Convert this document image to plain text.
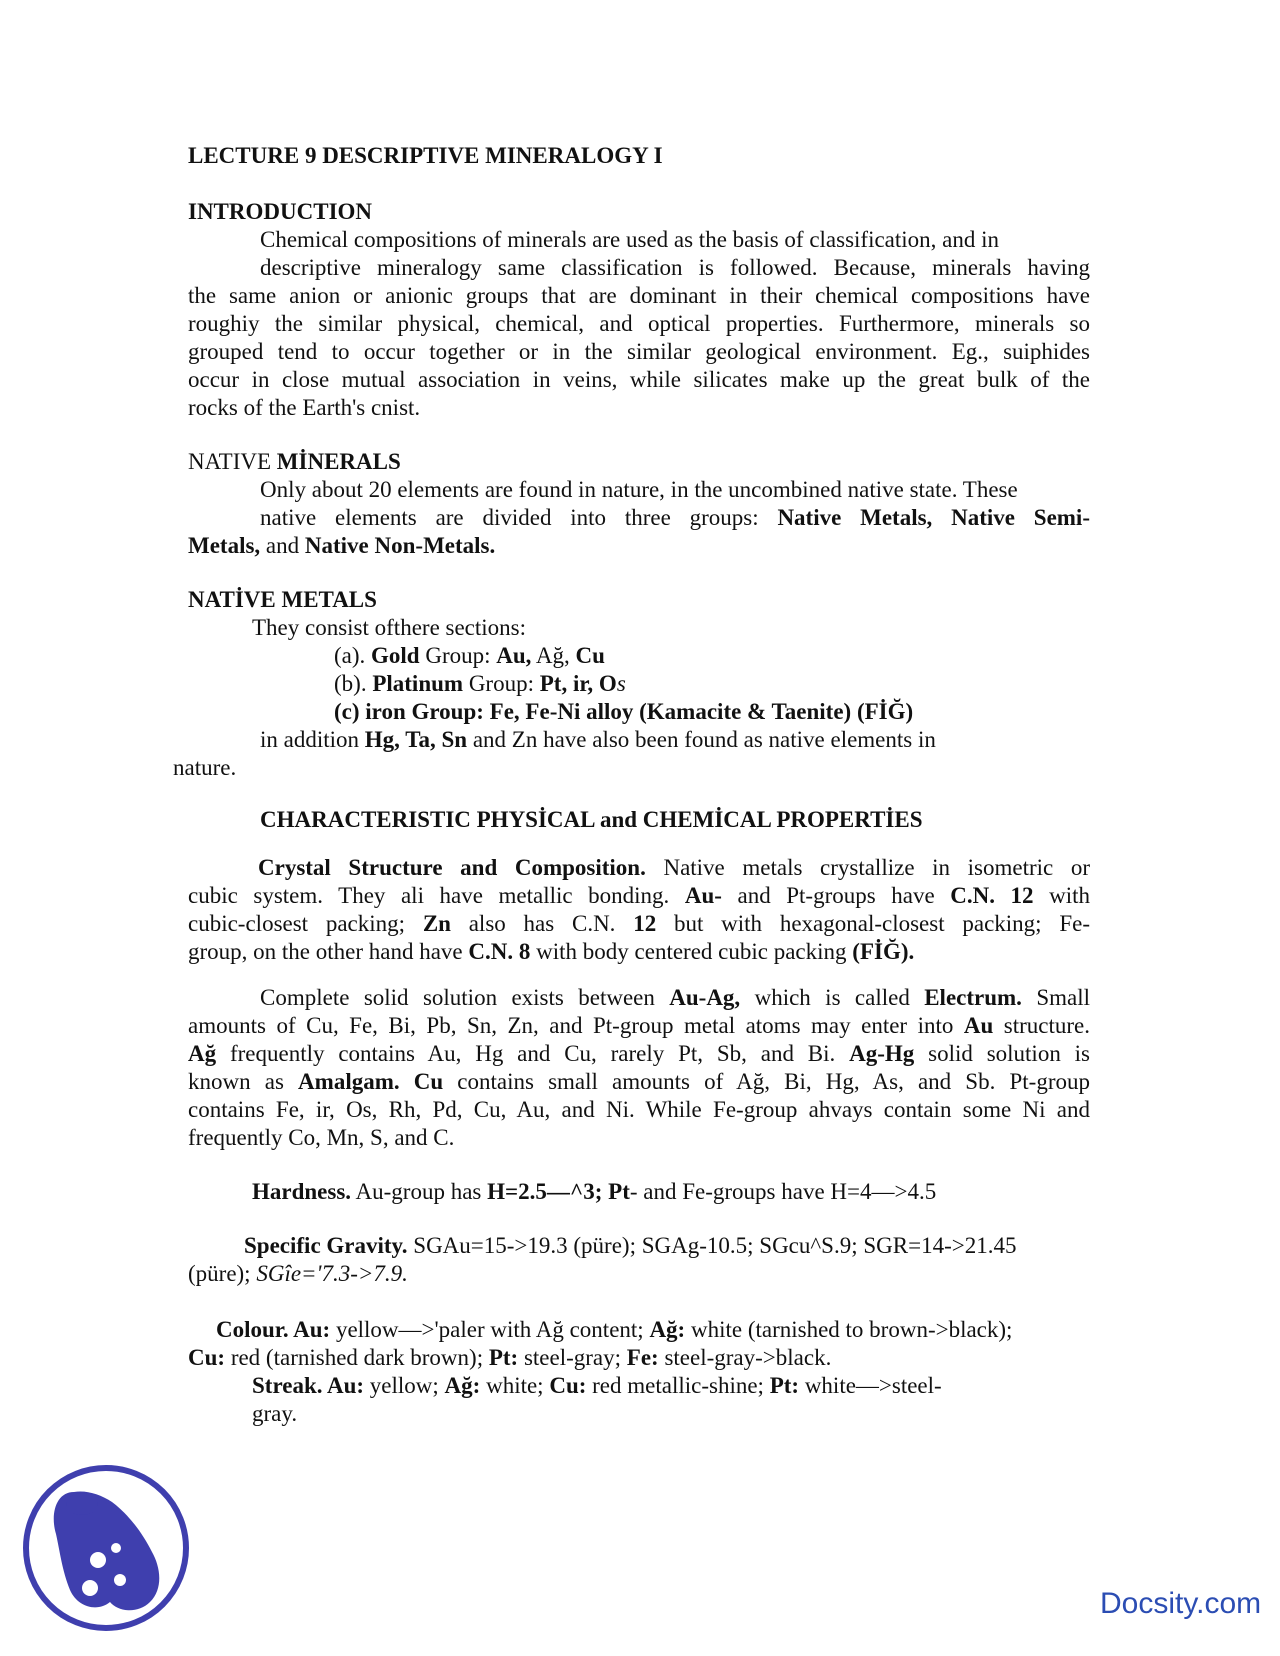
LECTURE 9 DESCRIPTIVE MINERALOGY I

INTRODUCTION

Chemical compositions of minerals are used as the basis of classification, and in

descriptive mineralogy same classification is followed. Because, minerals having

the same anion or anionic groups that are dominant in their chemical compositions have

roughiy the similar physical, chemical, and optical properties. Furthermore, minerals so

grouped tend to occur together or in the similar geological environment. Eg., suiphides

occur in close mutual association in veins, while silicates make up the great bulk of the

rocks of the Earth's cnist.

NATIVE MİNERALS

Only about 20 elements are found in nature, in the uncombined native state. These

native elements are divided into three groups: Native Metals, Native Semi-

Metals, and Native Non-Metals.

NATİVE METALS

They consist ofthere sections:

(a). Gold Group: Au, Ağ, Cu

(b). Platinum Group: Pt, ir, Os

(c) iron Group: Fe, Fe-Ni alloy (Kamacite & Taenite) (FİĞ)

in addition Hg, Ta, Sn and Zn have also been found as native elements in

nature.

CHARACTERISTIC PHYSİCAL and CHEMİCAL PROPERTİES

Crystal Structure and Composition. Native metals crystallize in isometric or

cubic system. They ali have metallic bonding. Au- and Pt-groups have C.N. 12 with

cubic-closest packing; Zn also has C.N. 12 but with hexagonal-closest packing; Fe-

group, on the other hand have C.N. 8 with body centered cubic packing (FİĞ).

Complete solid solution exists between Au-Ag, which is called Electrum. Small

amounts of Cu, Fe, Bi, Pb, Sn, Zn, and Pt-group metal atoms may enter into Au structure.

Ağ frequently contains Au, Hg and Cu, rarely Pt, Sb, and Bi. Ag-Hg solid solution is

known as Amalgam. Cu contains small amounts of Ağ, Bi, Hg, As, and Sb. Pt-group

contains Fe, ir, Os, Rh, Pd, Cu, Au, and Ni. While Fe-group ahvays contain some Ni and

frequently Co, Mn, S, and C.

Hardness. Au-group has H=2.5—^3; Pt- and Fe-groups have H=4—>4.5

Specific Gravity. SGAu=15->19.3 (püre); SGAg-10.5; SGcu^S.9; SGR=14->21.45

(püre); SGîe='7.3->7.9.

Colour. Au: yellow—>'paler with Ağ content; Ağ: white (tarnished to brown->black);

Cu: red (tarnished dark brown); Pt: steel-gray; Fe: steel-gray->black.

Streak. Au: yellow; Ağ: white; Cu: red metallic-shine; Pt: white—>steel-

gray.

Docsity.com
